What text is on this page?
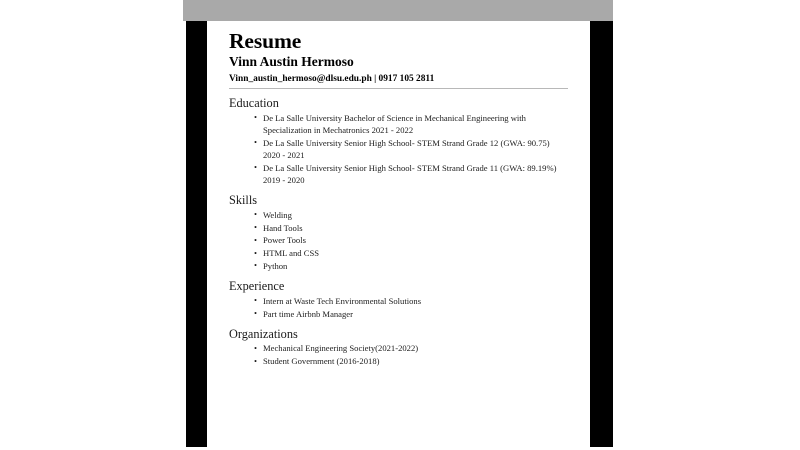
Resume
Vinn Austin Hermoso
Vinn_austin_hermoso@dlsu.edu.ph | 0917 105 2811
Education
• De La Salle University Bachelor of Science in Mechanical Engineering with Specialization in Mechatronics 2021 - 2022
• De La Salle University Senior High School- STEM Strand Grade 12 (GWA: 90.75) 2020 - 2021
• De La Salle University Senior High School- STEM Strand Grade 11 (GWA: 89.19%) 2019 - 2020
Skills
• Welding
• Hand Tools
• Power Tools
• HTML and CSS
• Python
Experience
• Intern at Waste Tech Environmental Solutions
• Part time Airbnb Manager
Organizations
• Mechanical Engineering Society(2021-2022)
• Student Government (2016-2018)
